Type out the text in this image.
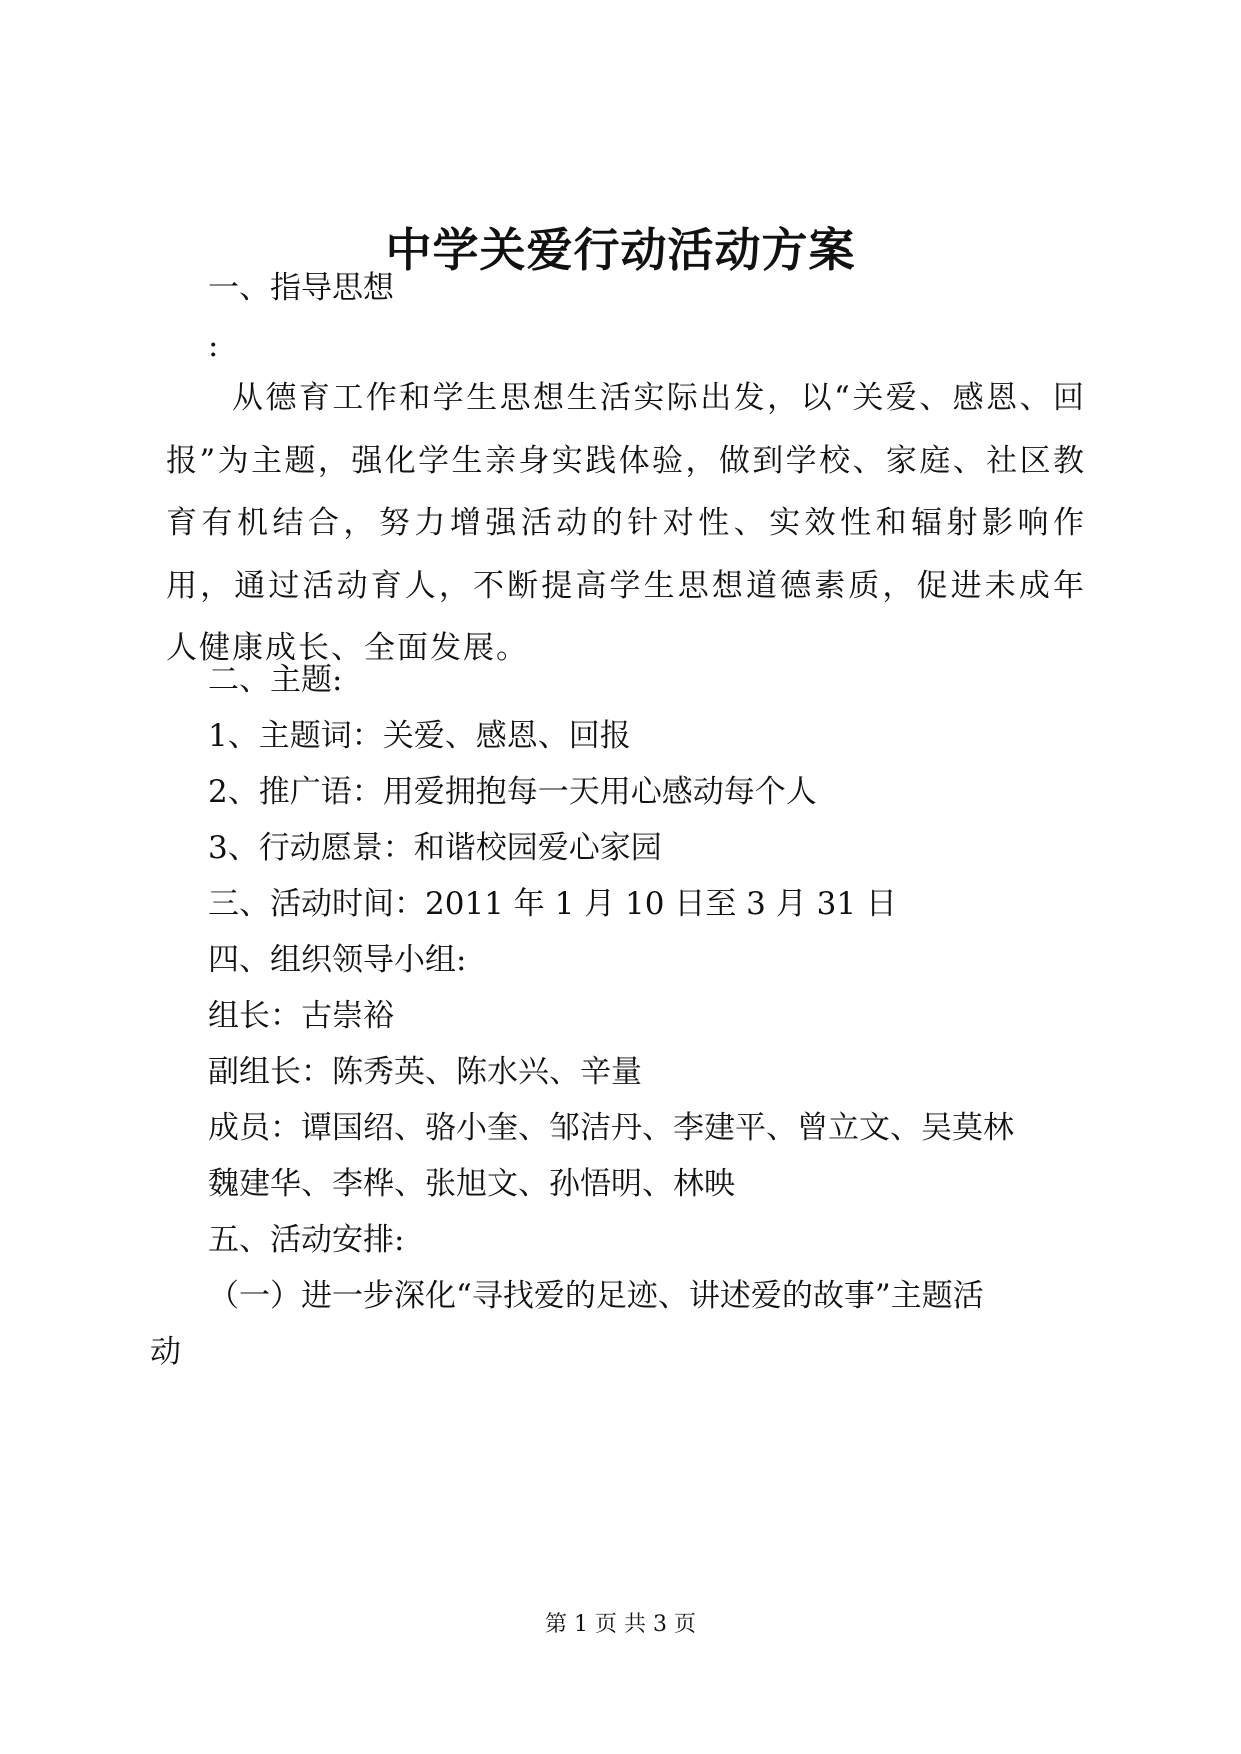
中学关爱行动活动方案
一、指导思想
:
从德育工作和学生思想生活实际出发，以“关爱、感恩、回报”为主题，强化学生亲身实践体验，做到学校、家庭、社区教育有机结合，努力增强活动的针对性、实效性和辐射影响作用，通过活动育人，不断提高学生思想道德素质，促进未成年人健康成长、全面发展。
二、主题:
1、主题词：关爱、感恩、回报
2、推广语：用爱拥抱每一天用心感动每个人
3、行动愿景：和谐校园爱心家园
三、活动时间：2011 年 1 月 10 日至 3 月 31 日
四、组织领导小组:
组长：古崇裕
副组长：陈秀英、陈水兴、辛量
成员：谭国绍、骆小奎、邹洁丹、李建平、曾立文、吴莫林
魏建华、李桦、张旭文、孙悟明、林映
五、活动安排:
（一）进一步深化“寻找爱的足迹、讲述爱的故事”主题活
动
第 1 页 共 3 页
